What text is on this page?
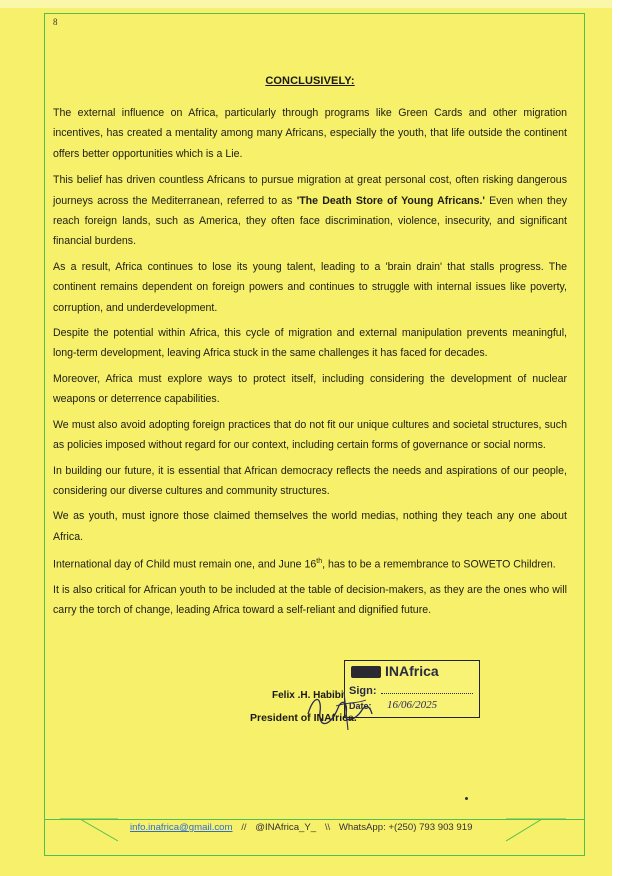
8
CONCLUSIVELY:

The external influence on Africa, particularly through programs like Green Cards and other migration incentives, has created a mentality among many Africans, especially the youth, that life outside the continent offers better opportunities which is a Lie.

This belief has driven countless Africans to pursue migration at great personal cost, often risking dangerous journeys across the Mediterranean, referred to as 'The Death Store of Young Africans.' Even when they reach foreign lands, such as America, they often face discrimination, violence, insecurity, and significant financial burdens.

As a result, Africa continues to lose its young talent, leading to a 'brain drain' that stalls progress. The continent remains dependent on foreign powers and continues to struggle with internal issues like poverty, corruption, and underdevelopment.

Despite the potential within Africa, this cycle of migration and external manipulation prevents meaningful, long-term development, leaving Africa stuck in the same challenges it has faced for decades.

Moreover, Africa must explore ways to protect itself, including considering the development of nuclear weapons or deterrence capabilities.

We must also avoid adopting foreign practices that do not fit our unique cultures and societal structures, such as policies imposed without regard for our context, including certain forms of governance or social norms.

In building our future, it is essential that African democracy reflects the needs and aspirations of our people, considering our diverse cultures and community structures.

We as youth, must ignore those claimed themselves the world medias, nothing they teach any one about Africa.

International day of Child must remain one, and June 16th, has to be a remembrance to SOWETO Children.

It is also critical for African youth to be included at the table of decision-makers, as they are the ones who will carry the torch of change, leading Africa toward a self-reliant and dignified future.

Felix .H. Habibi
President of INAfrica.
INAfrica
Sign:
Date: 16/06/2025
info.inafrica@gmail.com // @INAfrica_Y_ \\ WhatsApp: +(250) 793 903 919
